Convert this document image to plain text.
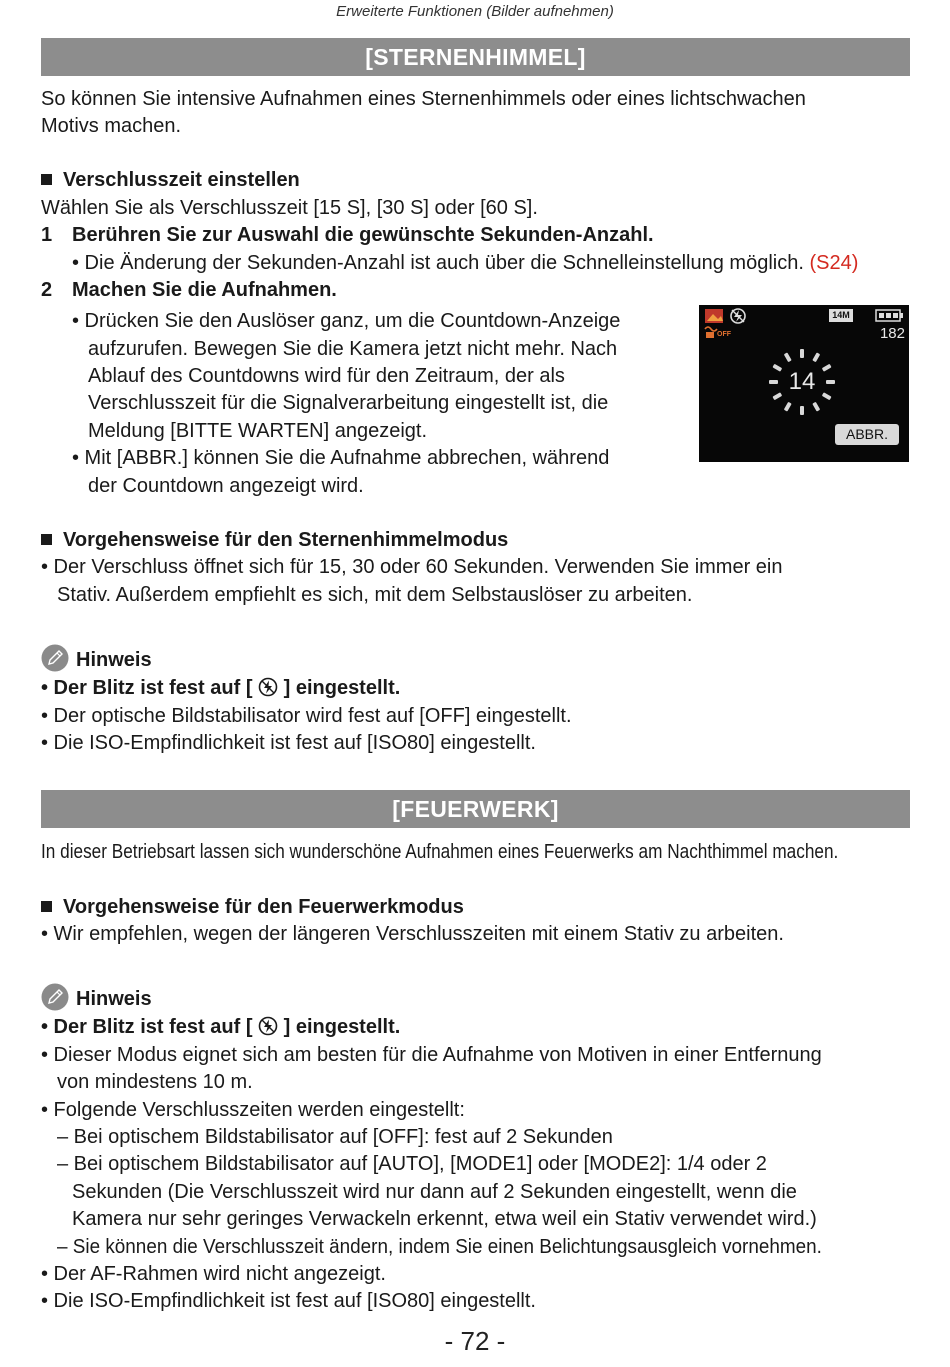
Erweiterte Funktionen (Bilder aufnehmen)
[STERNENHIMMEL]
So können Sie intensive Aufnahmen eines Sternenhimmels oder eines lichtschwachen
Motivs machen.
Verschlusszeit einstellen
Wählen Sie als Verschlusszeit [15 S], [30 S] oder [60 S].
1 Berühren Sie zur Auswahl die gewünschte Sekunden-Anzahl.
• Die Änderung der Sekunden-Anzahl ist auch über die Schnelleinstellung möglich. (S24)
2 Machen Sie die Aufnahmen.
• Drücken Sie den Auslöser ganz, um die Countdown-Anzeige
aufzurufen. Bewegen Sie die Kamera jetzt nicht mehr. Nach
Ablauf des Countdowns wird für den Zeitraum, der als
Verschlusszeit für die Signalverarbeitung eingestellt ist, die
Meldung [BITTE WARTEN] angezeigt.
• Mit [ABBR.] können Sie die Aufnahme abbrechen, während
der Countdown angezeigt wird.
14M
OFF	182
14
ABBR.
Vorgehensweise für den Sternenhimmelmodus
• Der Verschluss öffnet sich für 15, 30 oder 60 Sekunden. Verwenden Sie immer ein
Stativ. Außerdem empfiehlt es sich, mit dem Selbstauslöser zu arbeiten.
Hinweis
• Der Blitz ist fest auf [ ] eingestellt.
• Der optische Bildstabilisator wird fest auf [OFF] eingestellt.
• Die ISO-Empfindlichkeit ist fest auf [ISO80] eingestellt.
[FEUERWERK]
In dieser Betriebsart lassen sich wunderschöne Aufnahmen eines Feuerwerks am Nachthimmel machen.
Vorgehensweise für den Feuerwerkmodus
• Wir empfehlen, wegen der längeren Verschlusszeiten mit einem Stativ zu arbeiten.
Hinweis
• Der Blitz ist fest auf [ ] eingestellt.
• Dieser Modus eignet sich am besten für die Aufnahme von Motiven in einer Entfernung
von mindestens 10 m.
• Folgende Verschlusszeiten werden eingestellt:
– Bei optischem Bildstabilisator auf [OFF]: fest auf 2 Sekunden
– Bei optischem Bildstabilisator auf [AUTO], [MODE1] oder [MODE2]: 1/4 oder 2
Sekunden (Die Verschlusszeit wird nur dann auf 2 Sekunden eingestellt, wenn die
Kamera nur sehr geringes Verwackeln erkennt, etwa weil ein Stativ verwendet wird.)
– Sie können die Verschlusszeit ändern, indem Sie einen Belichtungsausgleich vornehmen.
• Der AF-Rahmen wird nicht angezeigt.
• Die ISO-Empfindlichkeit ist fest auf [ISO80] eingestellt.
- 72 -
